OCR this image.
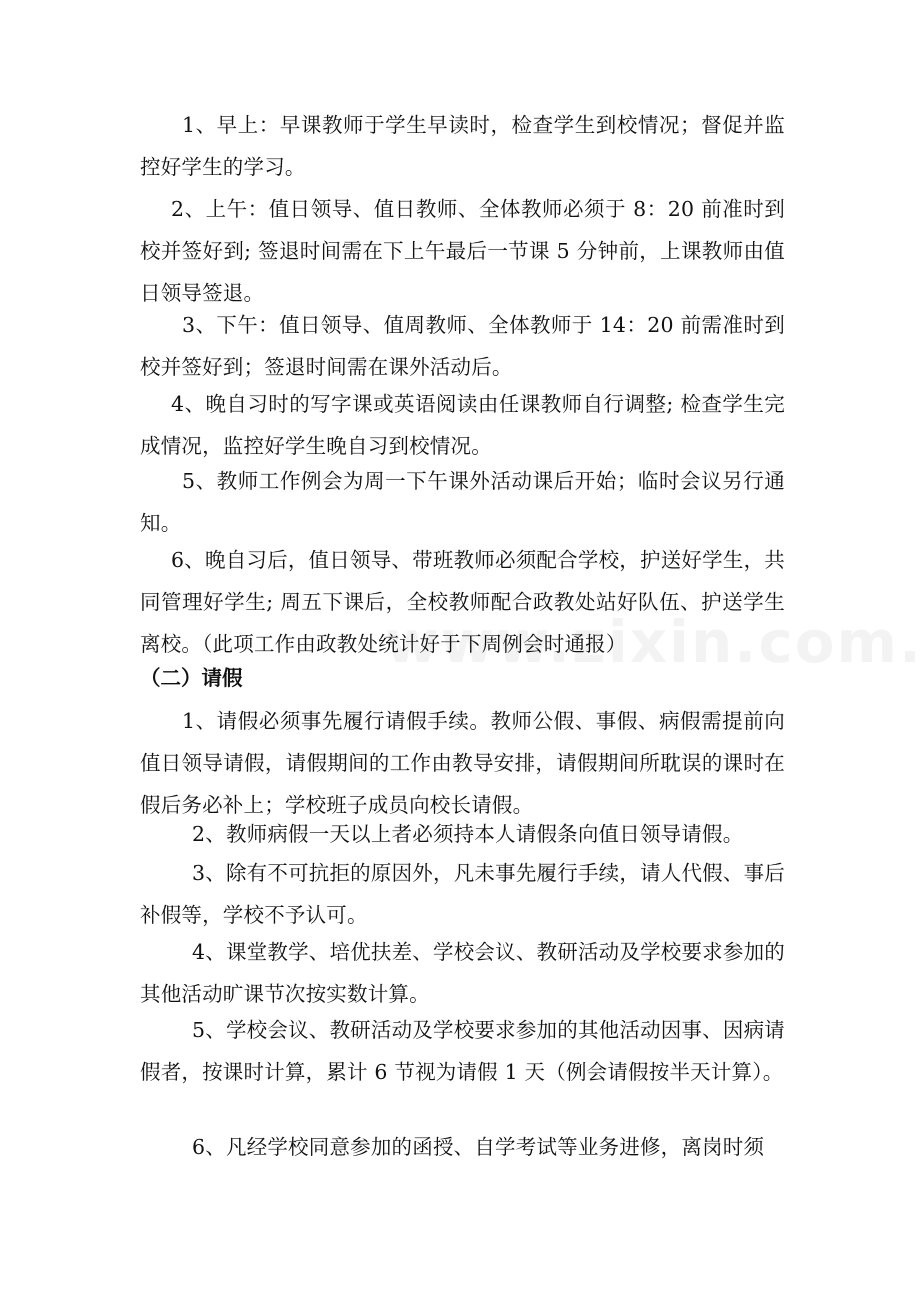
1、早上：早课教师于学生早读时，检查学生到校情况；督促并监控好学生的学习。

2、上午：值日领导、值日教师、全体教师必须于 8：20 前准时到校并签好到; 签退时间需在下上午最后一节课 5 分钟前，上课教师由值日领导签退。

3、下午：值日领导、值周教师、全体教师于 14：20 前需准时到校并签好到；签退时间需在课外活动后。

4、晚自习时的写字课或英语阅读由任课教师自行调整; 检查学生完成情况，监控好学生晚自习到校情况。

5、教师工作例会为周一下午课外活动课后开始；临时会议另行通知。

6、晚自习后，值日领导、带班教师必须配合学校，护送好学生，共同管理好学生; 周五下课后，全校教师配合政教处站好队伍、护送学生离校。（此项工作由政教处统计好于下周例会时通报）

（二）请假

1、请假必须事先履行请假手续。教师公假、事假、病假需提前向值日领导请假，请假期间的工作由教导安排，请假期间所耽误的课时在假后务必补上；学校班子成员向校长请假。

2、教师病假一天以上者必须持本人请假条向值日领导请假。

3、除有不可抗拒的原因外，凡未事先履行手续，请人代假、事后补假等，学校不予认可。

4、课堂教学、培优扶差、学校会议、教研活动及学校要求参加的其他活动旷课节次按实数计算。

5、学校会议、教研活动及学校要求参加的其他活动因事、因病请假者，按课时计算，累计 6 节视为请假 1 天（例会请假按半天计算）。

6、凡经学校同意参加的函授、自学考试等业务进修，离岗时须
